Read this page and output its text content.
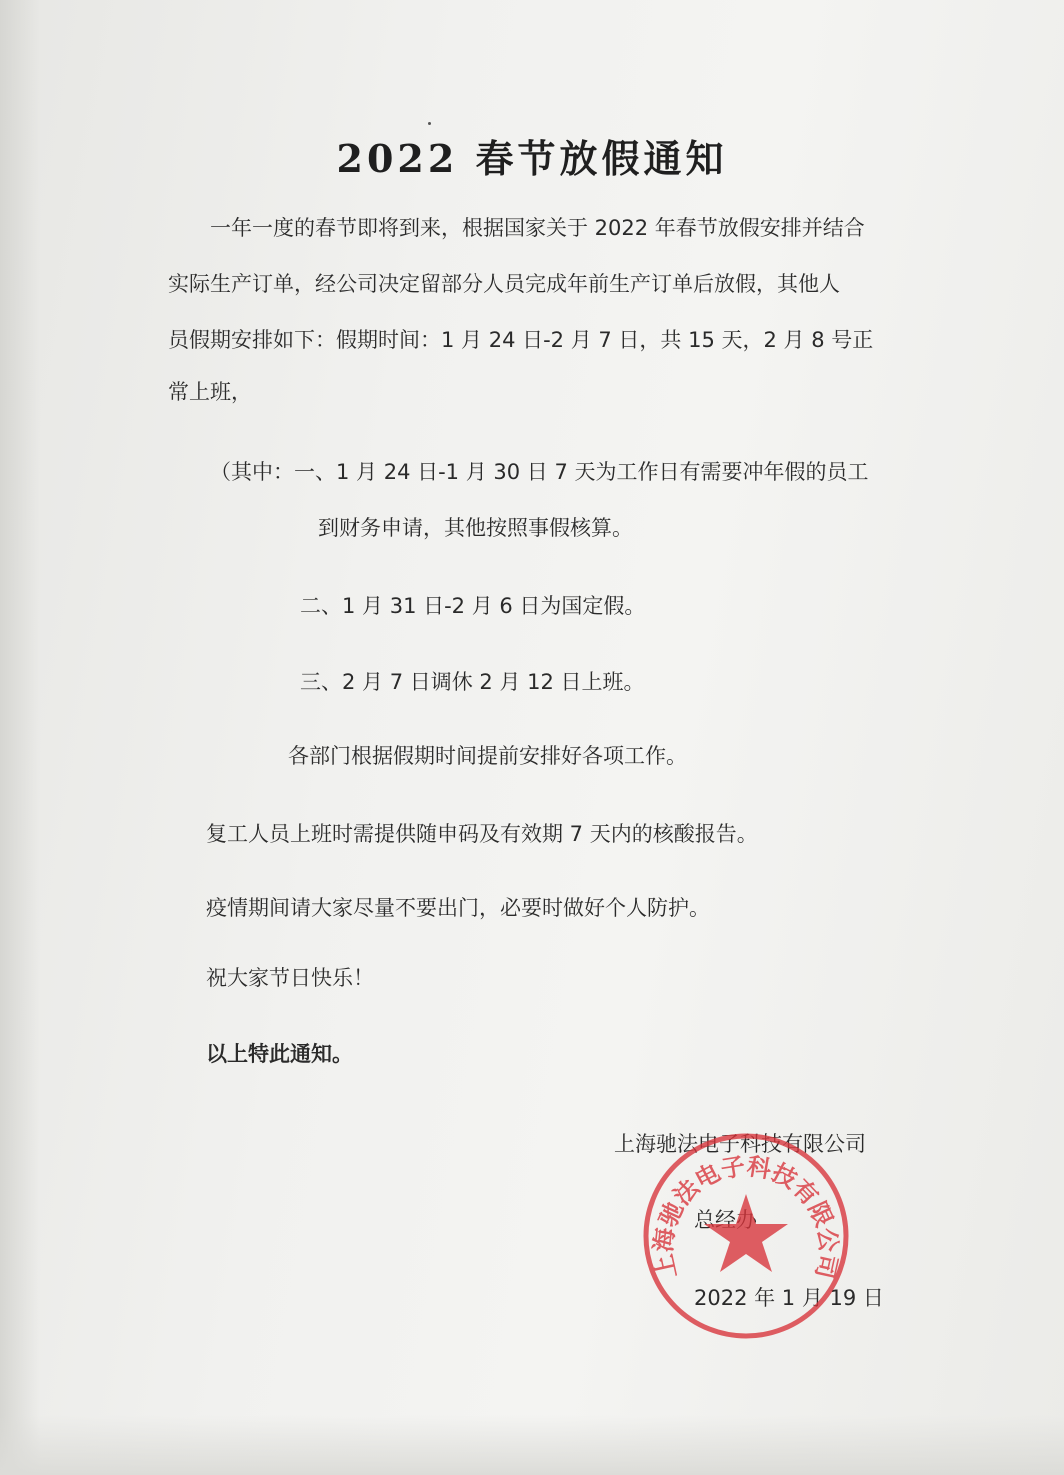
2022 春节放假通知
一年一度的春节即将到来，根据国家关于 2022 年春节放假安排并结合
实际生产订单，经公司决定留部分人员完成年前生产订单后放假，其他人
员假期安排如下：假期时间：1 月 24 日-2 月 7 日，共 15 天，2 月 8 号正
常上班，
（其中：一、1 月 24 日-1 月 30 日 7 天为工作日有需要冲年假的员工
到财务申请，其他按照事假核算。
二、1 月 31 日-2 月 6 日为国定假。
三、2 月 7 日调休 2 月 12 日上班。
各部门根据假期时间提前安排好各项工作。
复工人员上班时需提供随申码及有效期 7 天内的核酸报告。
疫情期间请大家尽量不要出门，必要时做好个人防护。
祝大家节日快乐！
以上特此通知。
上海驰法电子科技有限公司
总经办
2022 年 1 月 19 日
上海驰法电子科技有限公司
